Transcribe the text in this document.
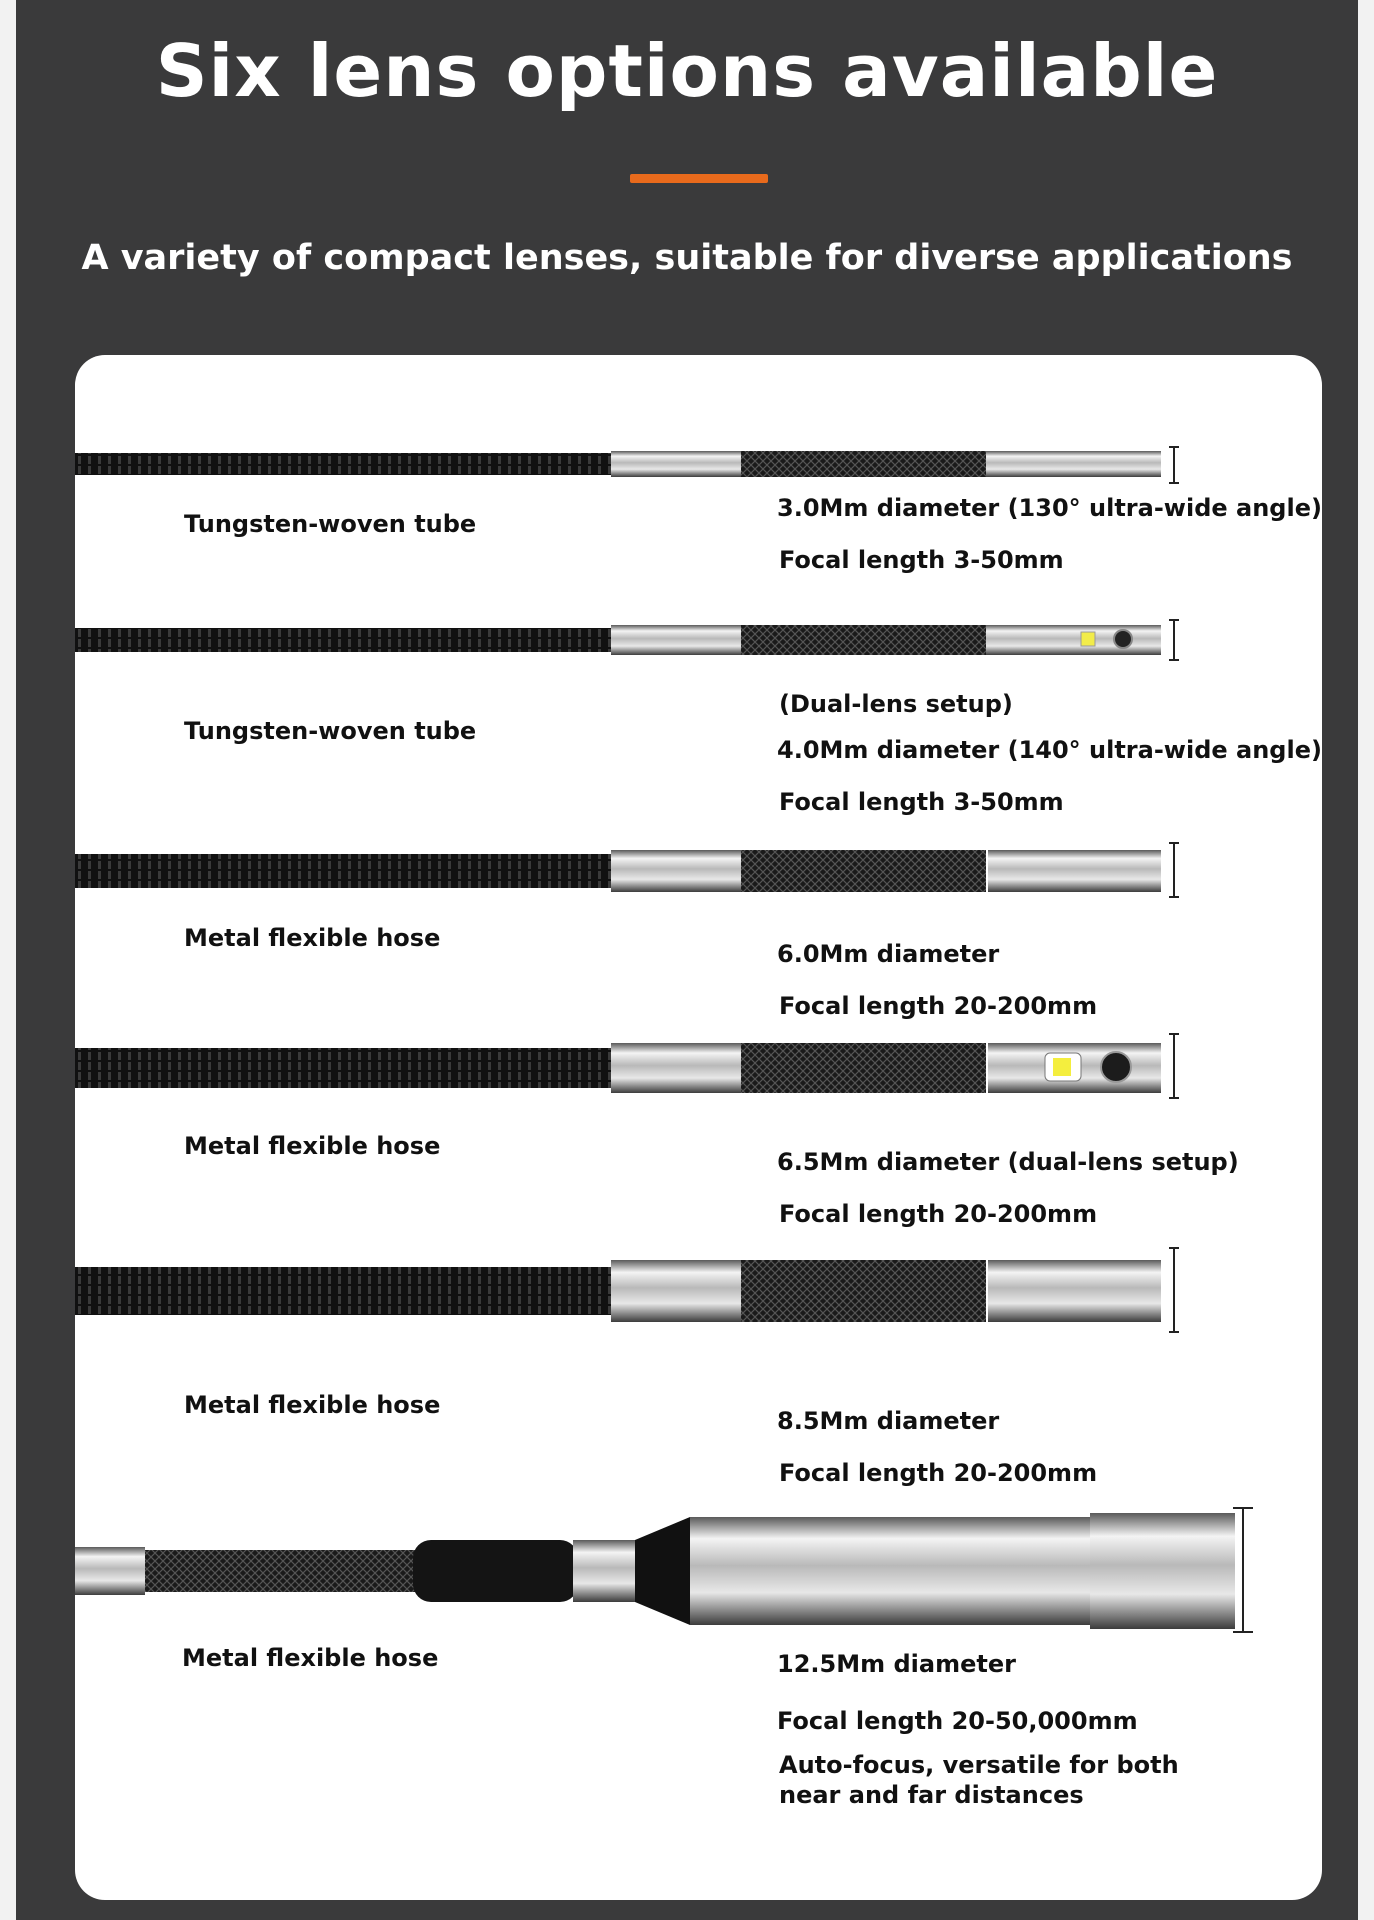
Six lens options available
A variety of compact lenses, suitable for diverse applications
Tungsten-woven tube
3.0Mm diameter (130° ultra-wide angle)
Focal length 3-50mm
Tungsten-woven tube
(Dual-lens setup)
4.0Mm diameter (140° ultra-wide angle)
Focal length 3-50mm
Metal flexible hose
6.0Mm diameter
Focal length 20-200mm
Metal flexible hose
6.5Mm diameter (dual-lens setup)
Focal length 20-200mm
Metal flexible hose
8.5Mm diameter
Focal length 20-200mm
Metal flexible hose	12.5Mm diameter
Focal length 20-50,000mm
Auto-focus, versatile for both near and far distances
